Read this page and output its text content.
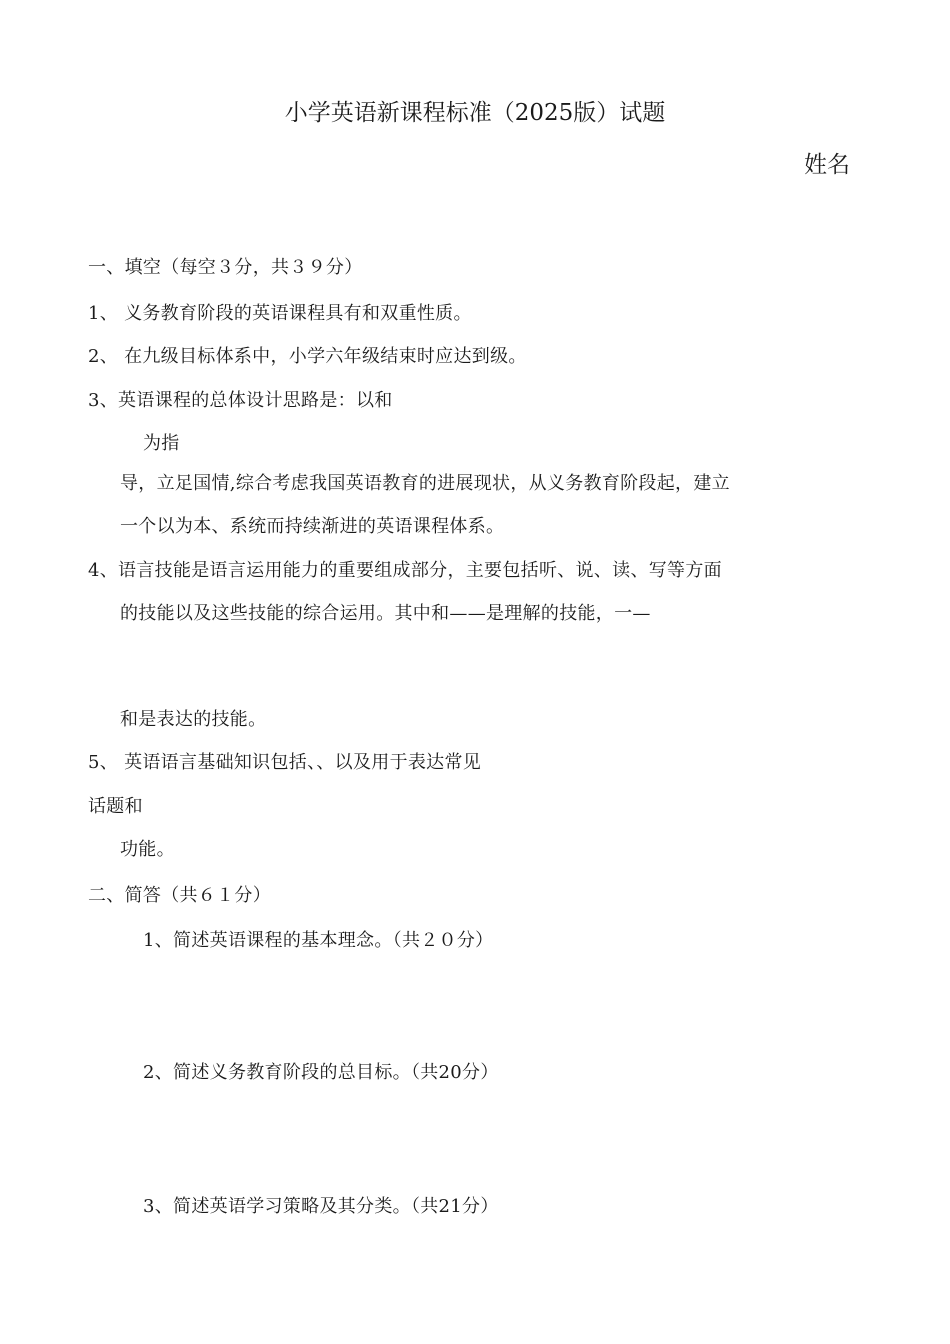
小学英语新课程标准（2025版）试题
姓名
一、填空（每空３分，共３９分）
1、 义务教育阶段的英语课程具有和双重性质。
2、 在九级目标体系中，小学六年级结束时应达到级。
3、英语课程的总体设计思路是：以和
为指
导，立足国情,综合考虑我国英语教育的进展现状，从义务教育阶段起，建立
一个以为本、系统而持续渐进的英语课程体系。
4、语言技能是语言运用能力的重要组成部分，主要包括听、说、读、写等方面
的技能以及这些技能的综合运用。其中和——是理解的技能，一—
和是表达的技能。
5、 英语语言基础知识包括、、以及用于表达常见
话题和
功能。
二、简答（共６１分）
1、简述英语课程的基本理念。（共２０分）
2、简述义务教育阶段的总目标。（共20分）
3、简述英语学习策略及其分类。（共21分）
